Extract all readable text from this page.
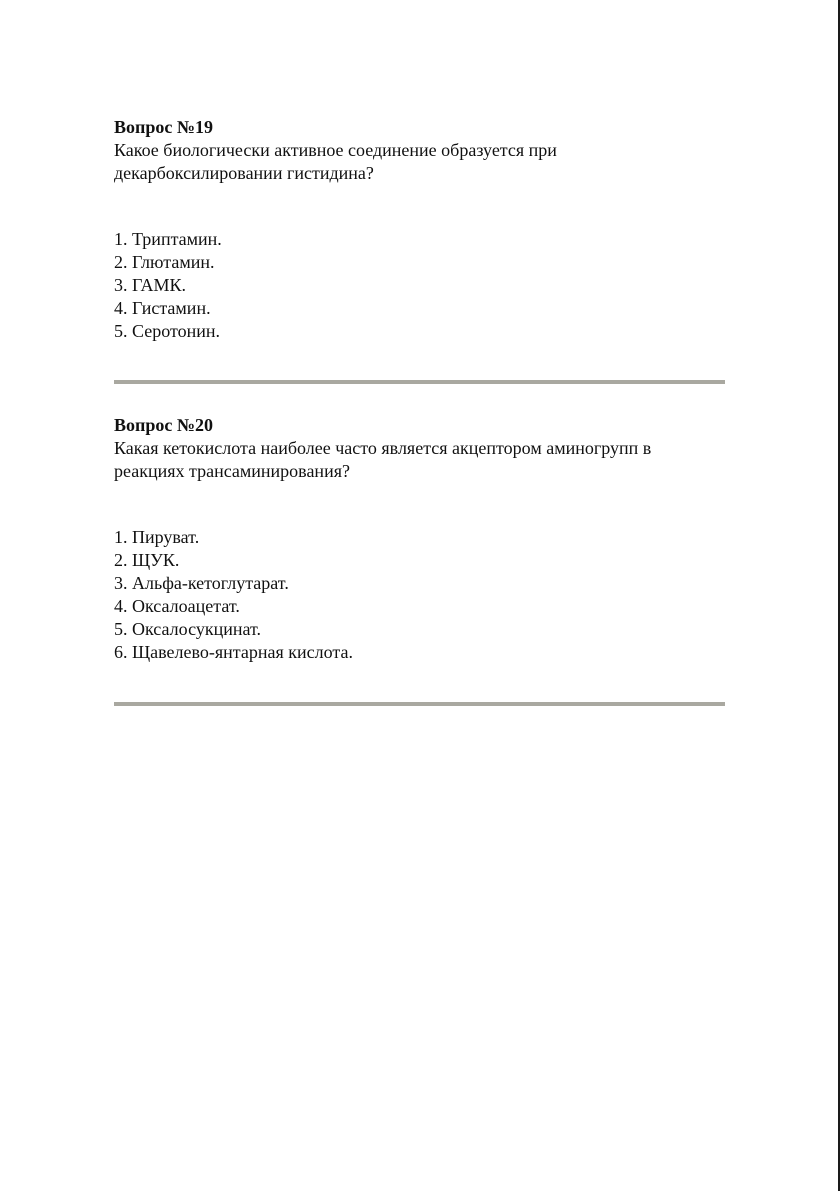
Вопрос №19

Какое биологически активное соединение образуется при

декарбоксилировании гистидина?

1. Триптамин.
2. Глютамин.
3. ГАМК.
4. Гистамин.
5. Серотонин.

Вопрос №20

Какая кетокислота наиболее часто является акцептором аминогрупп в

реакциях трансаминирования?

1. Пируват.
2. ЩУК.
3. Альфа-кетоглутарат.
4. Оксалоацетат.
5. Оксалосукцинат.
6. Щавелево-янтарная кислота.
